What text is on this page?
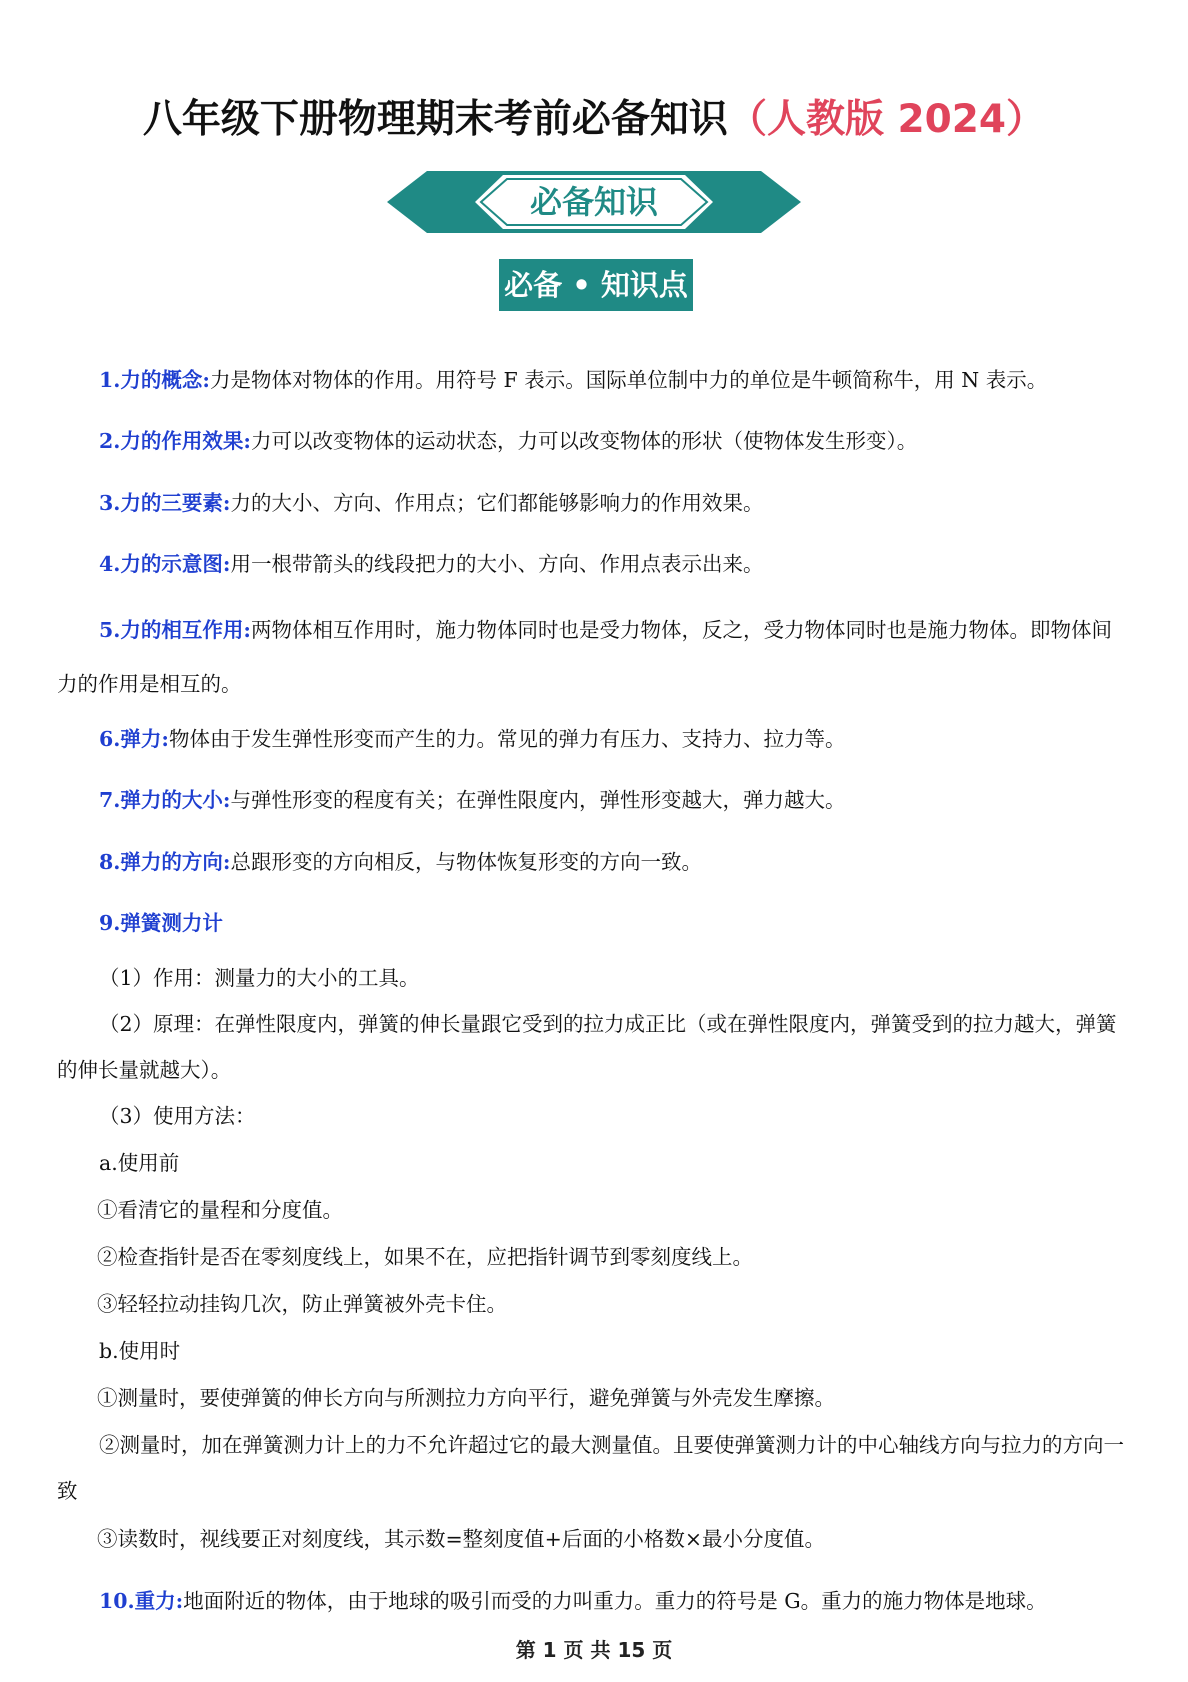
八年级下册物理期末考前必备知识（人教版 2024）
必备知识
必备 • 知识点
1.力的概念:力是物体对物体的作用。用符号 F 表示。国际单位制中力的单位是牛顿简称牛，用 N 表示。
2.力的作用效果:力可以改变物体的运动状态，力可以改变物体的形状（使物体发生形变）。
3.力的三要素:力的大小、方向、作用点；它们都能够影响力的作用效果。
4.力的示意图:用一根带箭头的线段把力的大小、方向、作用点表示出来。
5.力的相互作用:两物体相互作用时，施力物体同时也是受力物体，反之，受力物体同时也是施力物体。即物体间力的作用是相互的。
6.弹力:物体由于发生弹性形变而产生的力。常见的弹力有压力、支持力、拉力等。
7.弹力的大小:与弹性形变的程度有关；在弹性限度内，弹性形变越大，弹力越大。
8.弹力的方向:总跟形变的方向相反，与物体恢复形变的方向一致。
9.弹簧测力计
（1）作用：测量力的大小的工具。
（2）原理：在弹性限度内，弹簧的伸长量跟它受到的拉力成正比（或在弹性限度内，弹簧受到的拉力越大，弹簧的伸长量就越大）。
（3）使用方法：
a.使用前
①看清它的量程和分度值。
②检查指针是否在零刻度线上，如果不在，应把指针调节到零刻度线上。
③轻轻拉动挂钩几次，防止弹簧被外壳卡住。
b.使用时
①测量时，要使弹簧的伸长方向与所测拉力方向平行，避免弹簧与外壳发生摩擦。
②测量时，加在弹簧测力计上的力不允许超过它的最大测量值。且要使弹簧测力计的中心轴线方向与拉力的方向一致
③读数时，视线要正对刻度线，其示数=整刻度值+后面的小格数×最小分度值。
10.重力:地面附近的物体，由于地球的吸引而受的力叫重力。重力的符号是 G。重力的施力物体是地球。
第 1 页 共 15 页
